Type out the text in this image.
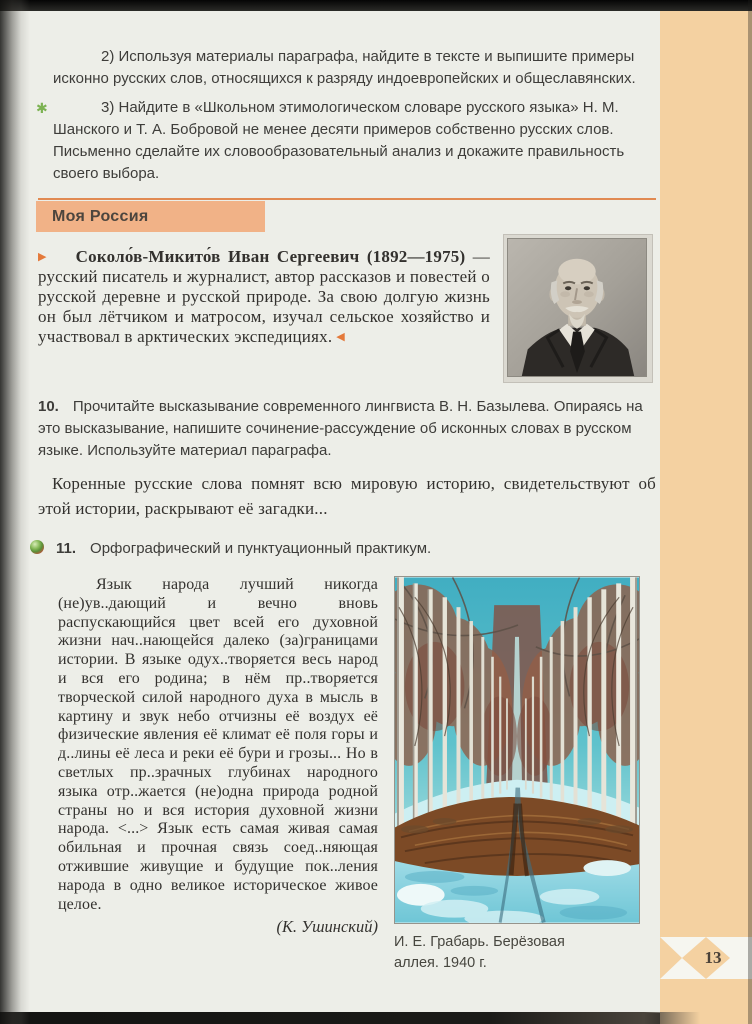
13

2) Используя материалы параграфа, найдите в тексте и выпишите примеры исконно русских слов, относящихся к разряду индоевропейских и общеславянских.

✱	3) Найдите в «Школьном этимологическом словаре русского языка» Н. М. Шанского и Т. А. Бобровой не менее десяти примеров собственно русских слов. Письменно сделайте их словообразовательный анализ и докажите правильность своего выбора.

Моя Россия
▶ Соколо́в-Микито́в Иван Сергеевич (1892—1975) — русский писатель и журналист, автор рассказов и повестей о русской деревне и русской природе. За свою долгую жизнь он был лётчиком и матросом, изучал сельское хозяйство и участвовал в арктических экспедициях. ◀

10. Прочитайте высказывание современного лингвиста В. Н. Базылева. Опираясь на это высказывание, напишите сочинение-рассуждение об исконных словах в русском языке. Используйте материал параграфа.

Коренные русские слова помнят всю мировую историю, свидетельствуют об этой истории, раскрывают её загадки...

11. Орфографический и пунктуационный практикум.
Язык народа лучший никогда (не)ув..дающий и вечно вновь распускающийся цвет всей его духовной жизни нач..нающейся далеко (за)границами истории. В языке одух..творяется весь народ и вся его родина; в нём пр..творяется творческой силой народного духа в мысль в картину и звук небо отчизны её воздух её физические явления её климат её поля горы и д..лины её леса и реки её бури и грозы... Но в светлых пр..зрачных глубинах народного языка отр..жается (не)одна природа родной страны но и вся история духовной жизни народа. <...> Язык есть самая живая самая обильная и прочная связь соед..няющая отжившие живущие и будущие пок..ления народа в одно великое историческое живое целое.
(К. Ушинский)
И. Е. Грабарь. Берёзовая аллея. 1940 г.
